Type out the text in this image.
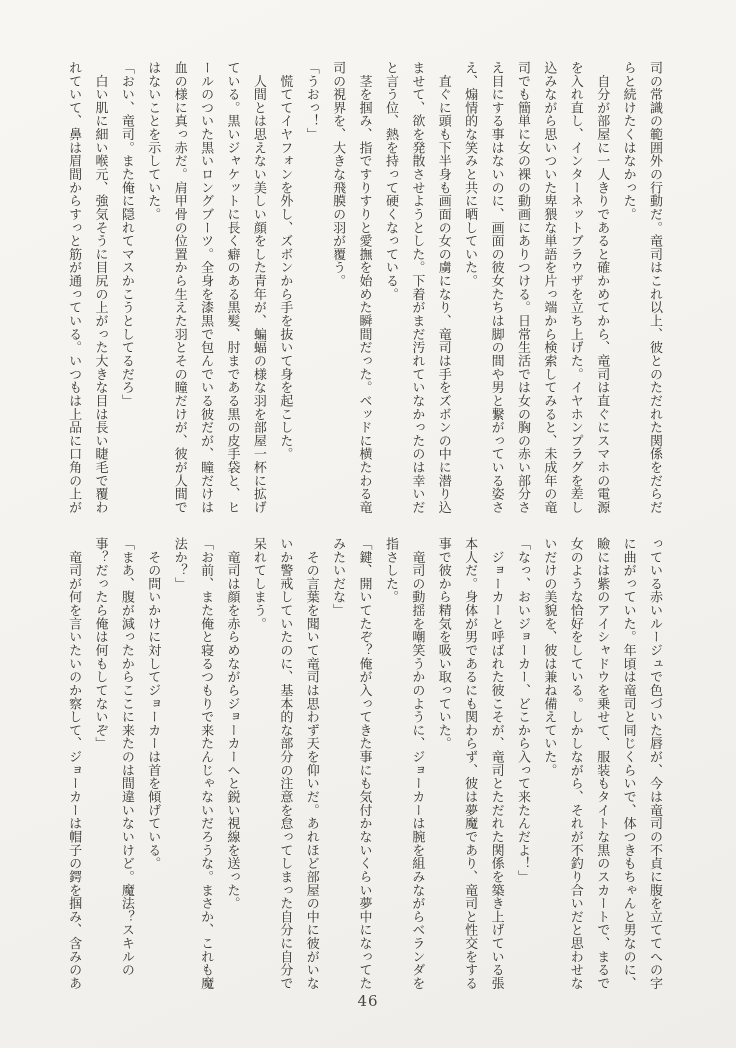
司の常識の範囲外の行動だ。竜司はこれ以上、彼とのただれた関係をだらだ

らと続けたくはなかった。

　自分が部屋に一人きりであると確かめてから、竜司は直ぐにスマホの電源

を入れ直し、インターネットブラウザを立ち上げた。イヤホンプラグを差し

込みながら思いついた卑猥な単語を片っ端から検索してみると、未成年の竜

司でも簡単に女の裸の動画にありつける。日常生活では女の胸の赤い部分さ

え目にする事はないのに、画面の彼女たちは脚の間や男と繋がっている姿さ

え、煽情的な笑みと共に晒していた。

　直ぐに頭も下半身も画面の女の虜になり、竜司は手をズボンの中に潜り込

ませて、欲を発散させようとした。下着がまだ汚れていなかったのは幸いだ

と言う位、熱を持って硬くなっている。

　茎を掴み、指ですりすりと愛撫を始めた瞬間だった。ベッドに横たわる竜

司の視界を、大きな飛膜の羽が覆う。

「うおっ！」

　慌ててイヤフォンを外し、ズボンから手を抜いて身を起こした。

　人間とは思えない美しい顔をした青年が、蝙蝠の様な羽を部屋一杯に拡げ

ている。黒いジャケットに長く癖のある黒髪、肘まである黒の皮手袋と、ヒ

ールのついた黒いロングブーツ。全身を漆黒で包んでいる彼だが、瞳だけは

血の様に真っ赤だ。肩甲骨の位置から生えた羽とその瞳だけが、彼が人間で

はないことを示していた。

「おい、竜司。また俺に隠れてマスかこうとしてるだろ」

　白い肌に細い喉元、強気そうに目尻の上がった大きな目は長い睫毛で覆わ

れていて、鼻は眉間からすっと筋が通っている。いつもは上品に口角の上が

っている赤いルージュで色づいた唇が、今は竜司の不貞に腹を立ててへの字

に曲がっていた。年頃は竜司と同じくらいで、体つきもちゃんと男なのに、

瞼には紫のアイシャドウを乗せて、服装もタイトな黒のスカートで、まるで

女のような恰好をしている。しかしながら、それが不釣り合いだと思わせな

いだけの美貌を、彼は兼ね備えていた。

「なっ、おいジョーカー、どこから入って来たんだよ！」

　ジョーカーと呼ばれた彼こそが、竜司とただれた関係を築き上げている張

本人だ。身体が男であるにも関わらず、彼は夢魔であり、竜司と性交をする

事で彼から精気を吸い取っていた。

　竜司の動揺を嘲笑うかのように、ジョーカーは腕を組みながらベランダを

指さした。

「鍵、開いてたぞ？俺が入ってきた事にも気付かないくらい夢中になってた

みたいだな」

　その言葉を聞いて竜司は思わず天を仰いだ。あれほど部屋の中に彼がいな

いか警戒していたのに、基本的な部分の注意を怠ってしまった自分に自分で

呆れてしまう。

　竜司は顔を赤らめながらジョーカーへと鋭い視線を送った。

「お前、また俺と寝るつもりで来たんじゃないだろうな。まさか、これも魔

法か？」

　その問いかけに対してジョーカーは首を傾げている。

「まあ、腹が減ったからここに来たのは間違いないけど。魔法？スキルの

事？だったら俺は何もしてないぞ」

　竜司が何を言いたいのか察して、ジョーカーは帽子の鍔を掴み、含みのあ

46
